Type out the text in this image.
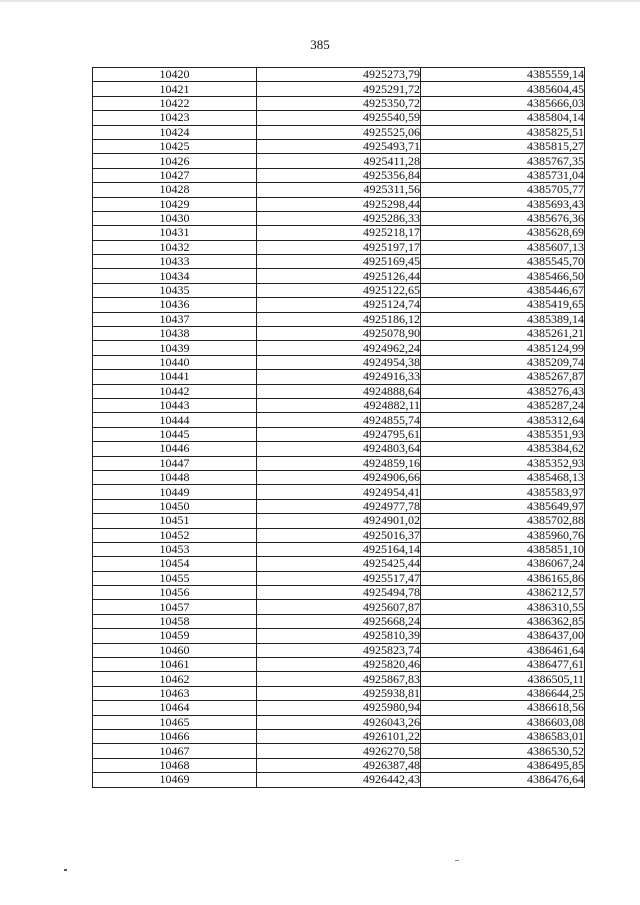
385
10420	4925273,79	4385559,14
10421	4925291,72	4385604,45
10422	4925350,72	4385666,03
10423	4925540,59	4385804,14
10424	4925525,06	4385825,51
10425	4925493,71	4385815,27
10426	4925411,28	4385767,35
10427	4925356,84	4385731,04
10428	4925311,56	4385705,77
10429	4925298,44	4385693,43
10430	4925286,33	4385676,36
10431	4925218,17	4385628,69
10432	4925197,17	4385607,13
10433	4925169,45	4385545,70
10434	4925126,44	4385466,50
10435	4925122,65	4385446,67
10436	4925124,74	4385419,65
10437	4925186,12	4385389,14
10438	4925078,90	4385261,21
10439	4924962,24	4385124,99
10440	4924954,38	4385209,74
10441	4924916,33	4385267,87
10442	4924888,64	4385276,43
10443	4924882,11	4385287,24
10444	4924855,74	4385312,64
10445	4924795,61	4385351,93
10446	4924803,64	4385384,62
10447	4924859,16	4385352,93
10448	4924906,66	4385468,13
10449	4924954,41	4385583,97
10450	4924977,78	4385649,97
10451	4924901,02	4385702,88
10452	4925016,37	4385960,76
10453	4925164,14	4385851,10
10454	4925425,44	4386067,24
10455	4925517,47	4386165,86
10456	4925494,78	4386212,57
10457	4925607,87	4386310,55
10458	4925668,24	4386362,85
10459	4925810,39	4386437,00
10460	4925823,74	4386461,64
10461	4925820,46	4386477,61
10462	4925867,83	4386505,11
10463	4925938,81	4386644,25
10464	4925980,94	4386618,56
10465	4926043,26	4386603,08
10466	4926101,22	4386583,01
10467	4926270,58	4386530,52
10468	4926387,48	4386495,85
10469	4926442,43	4386476,64
